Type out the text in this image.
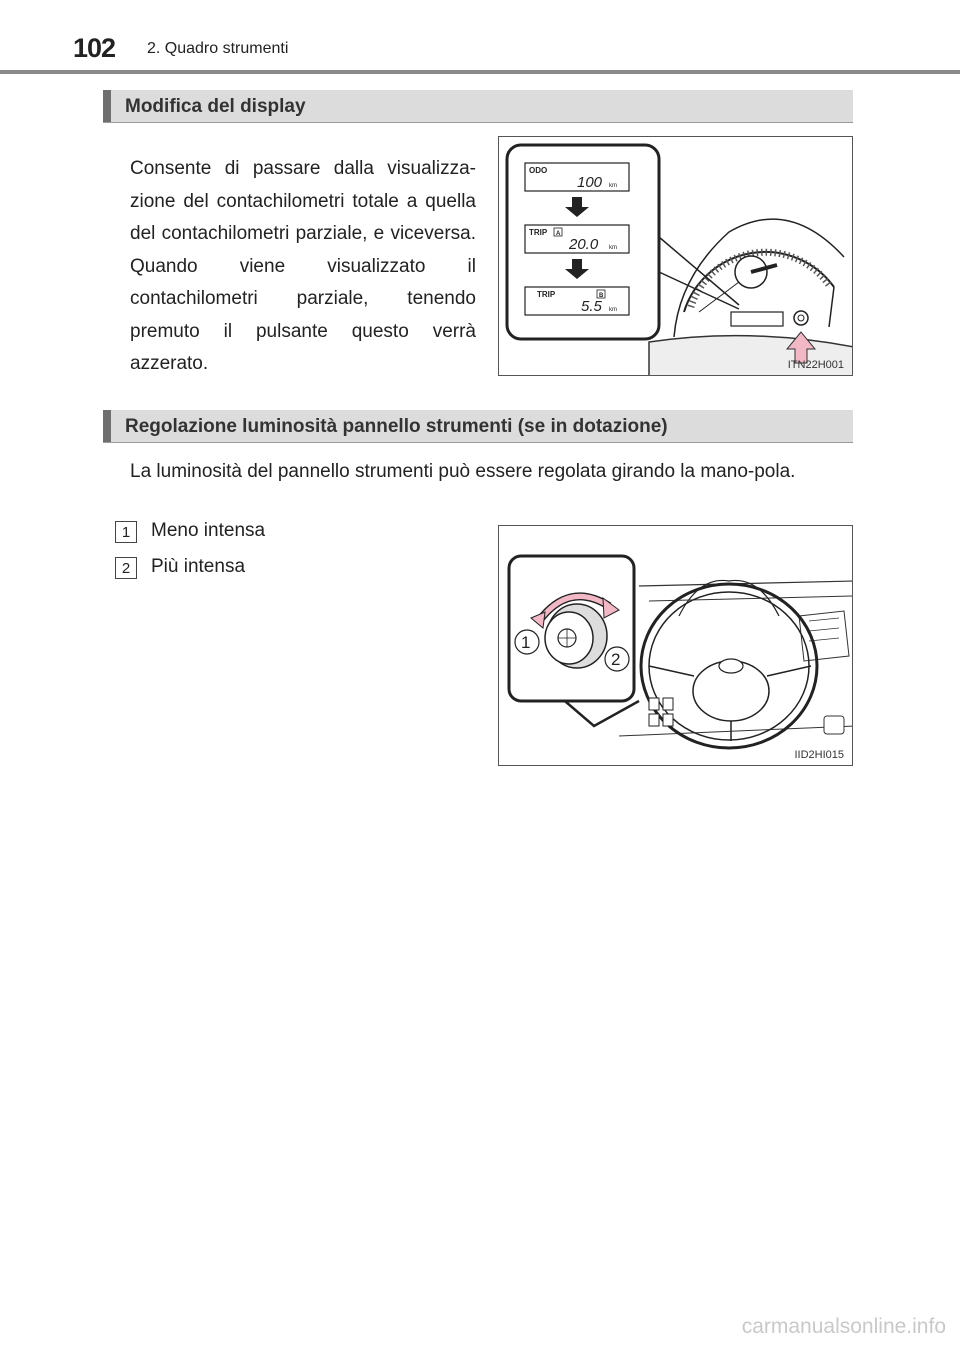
102 2. Quadro strumenti
Modifica del display
Consente di passare dalla visualizza-zione del contachilometri totale a quella del contachilometri parziale, e viceversa. Quando viene visualizzato il contachilometri parziale, tenendo premuto il pulsante questo verrà azzerato.
ODO
100 km
TRIP A
20.0 km
TRIP	B
5.5 km
ITN22H001
Regolazione luminosità pannello strumenti (se in dotazione)
La luminosità del pannello strumenti può essere regolata girando la mano-pola.
1	Meno intensa
2	Più intensa
1
2
IID2HI015
carmanualsonline.info
